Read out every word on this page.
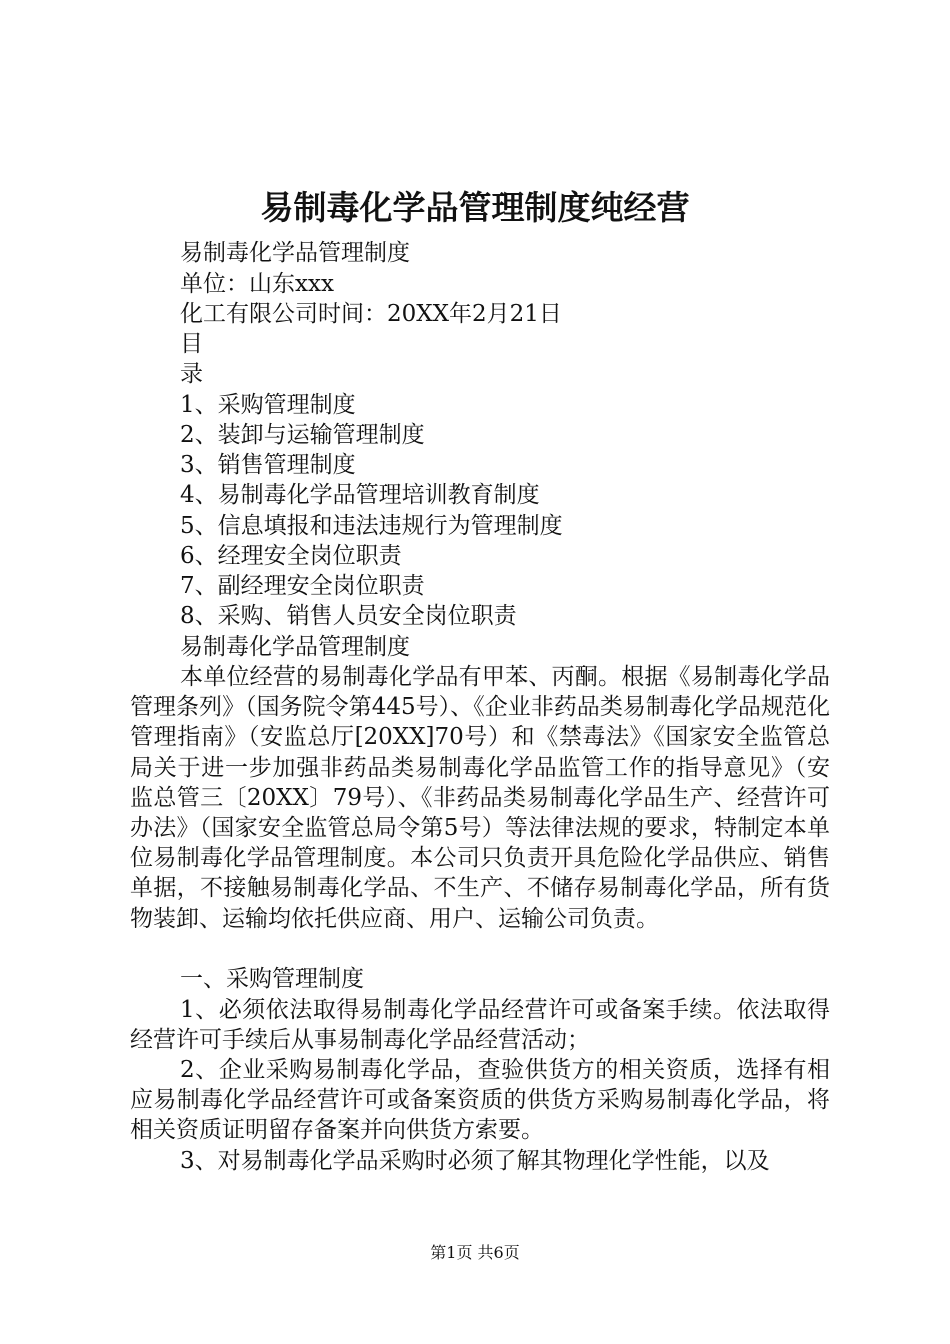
易制毒化学品管理制度纯经营
易制毒化学品管理制度
单位：山东xxx
化工有限公司时间：20XX年2月21日
目
录
1、采购管理制度
2、装卸与运输管理制度
3、销售管理制度
4、易制毒化学品管理培训教育制度
5、信息填报和违法违规行为管理制度
6、经理安全岗位职责
7、副经理安全岗位职责
8、采购、销售人员安全岗位职责
易制毒化学品管理制度

本单位经营的易制毒化学品有甲苯、丙酮。根据《易制毒化学品管理条列》（国务院令第445号）、《企业非药品类易制毒化学品规范化管理指南》（安监总厅[20XX]70号）和《禁毒法》《国家安全监管总局关于进一步加强非药品类易制毒化学品监管工作的指导意见》（安监总管三〔20XX〕79号）、《非药品类易制毒化学品生产、经营许可办法》（国家安全监管总局令第5号）等法律法规的要求，特制定本单位易制毒化学品管理制度。本公司只负责开具危险化学品供应、销售单据，不接触易制毒化学品、不生产、不储存易制毒化学品，所有货物装卸、运输均依托供应商、用户、运输公司负责。

一、采购管理制度

1、必须依法取得易制毒化学品经营许可或备案手续。依法取得经营许可手续后从事易制毒化学品经营活动；

2、企业采购易制毒化学品，查验供货方的相关资质，选择有相应易制毒化学品经营许可或备案资质的供货方采购易制毒化学品，将相关资质证明留存备案并向供货方索要。

3、对易制毒化学品采购时必须了解其物理化学性能，以及

第1页 共6页
